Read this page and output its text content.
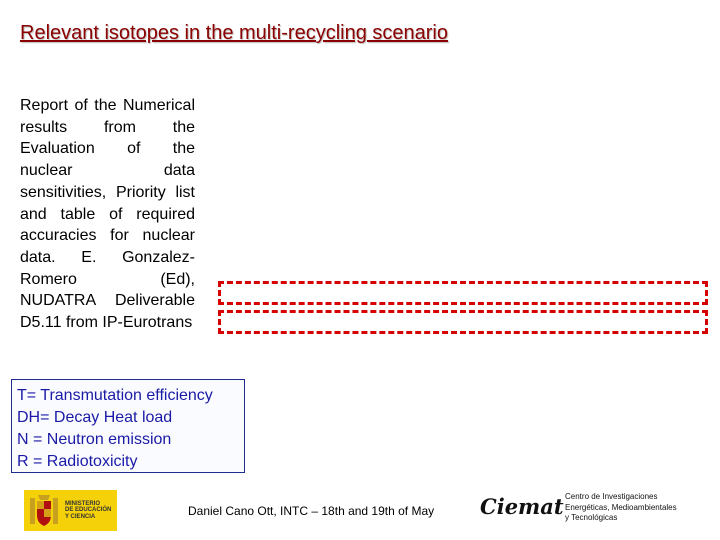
Relevant isotopes in the multi-recycling scenario
Report of the Numerical results from the Evaluation of the nuclear data sensitivities, Priority list and table of required accuracies for nuclear data. E. Gonzalez-Romero (Ed), NUDATRA Deliverable D5.11 from IP-Eurotrans
T= Transmutation efficiency
DH= Decay Heat load
N = Neutron emission
R = Radiotoxicity
MINISTERIO
DE EDUCACIÓN
Y CIENCIA	Daniel Cano Ott, INTC – 18th and 19th of May Ciemat Centro de Investigaciones
Energéticas, Medioambientales
y Tecnológicas
